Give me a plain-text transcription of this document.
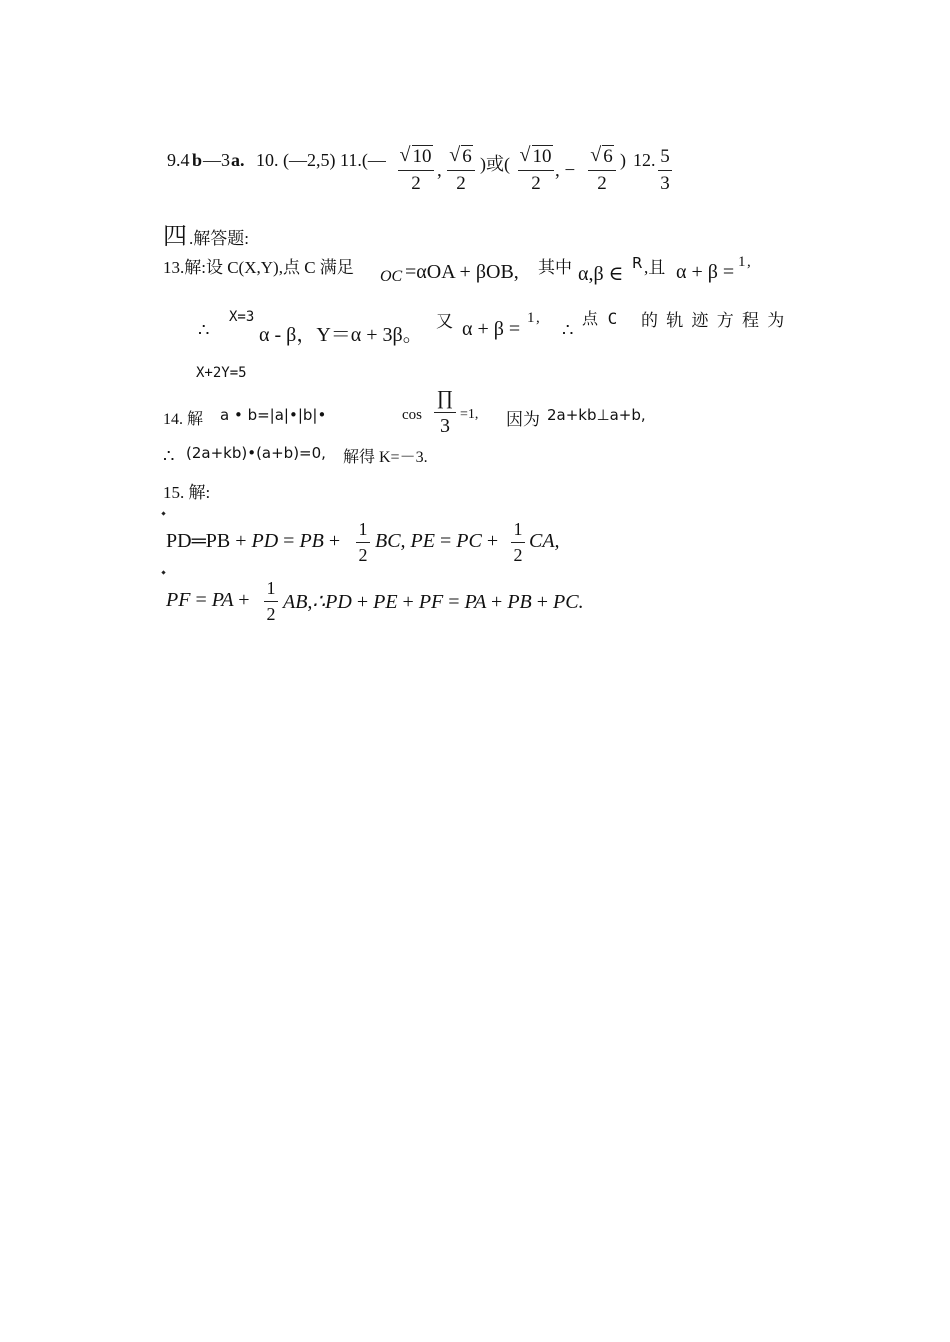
9.4 b —3 a. 10. (—2,5) 11.(— √ 10
2
,
√ 6
2
)或( √ 10
2
, −
√ 6
2
) 12. 5
3
四 .解答题:
13.解:设 C(X,Y),点 C 满足 OC =αOA + βOB, 其中 α,β ∈ R ,且 α + β = 1 ,
∴
X=3
α - β，Y＝α + 3β。
又 α + β = 1 ,
∴
点 C 的 轨 迹 方 程 为
X+2Y=5
14. 解 a • b=|a|•|b|•	cos
∏
3
=1, 因为 2a+kb⊥a+b,
∴ (2a+kb)•(a+b)=0, 解得 K=－3.
15. 解:
PD═PB + PD = PB +
1
2
BC, PE = PC +
1
2
CA,
PF = PA +
1
2
AB,∴PD + PE + PF = PA + PB + PC.
